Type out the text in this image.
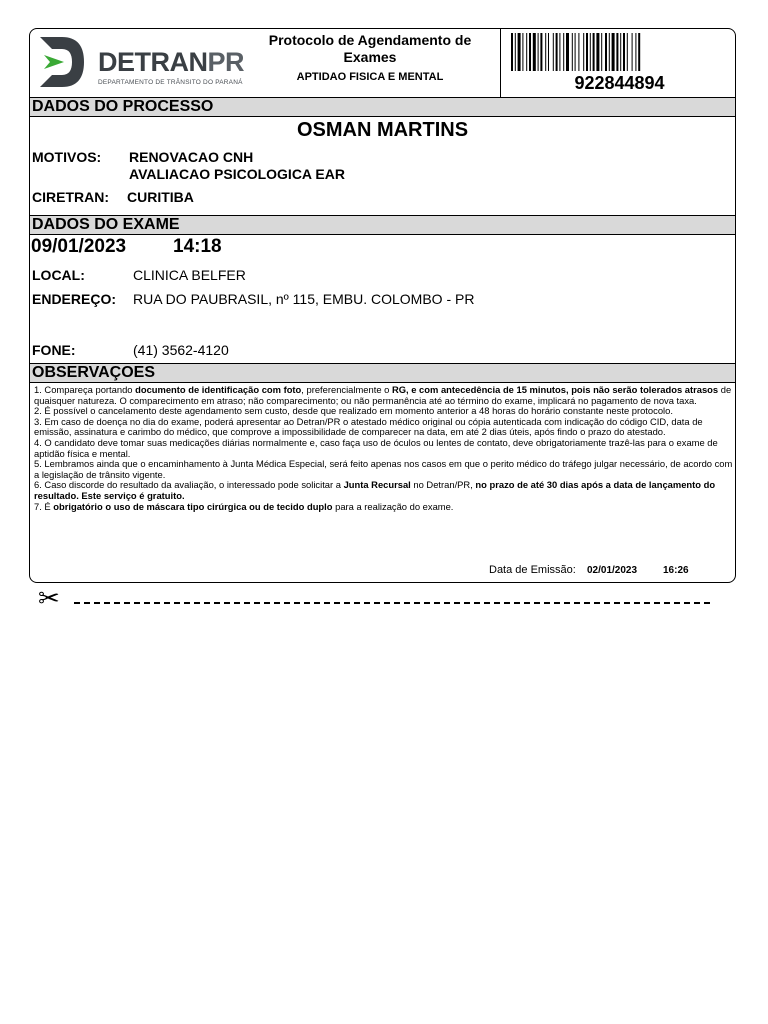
DETRANPR
DEPARTAMENTO DE TRÂNSITO DO PARANÁ
Protocolo de Agendamento de
Exames
APTIDAO FISICA E MENTAL	922844894
DADOS DO PROCESSO
OSMAN MARTINS
MOTIVOS: RENOVACAO CNH
AVALIACAO PSICOLOGICA EAR
CIRETRAN: CURITIBA
DADOS DO EXAME
09/01/2023 14:18
LOCAL:	CLINICA BELFER
ENDEREÇO: RUA DO PAUBRASIL, nº 115, EMBU. COLOMBO - PR
FONE:	(41) 3562-4120
OBSERVAÇOES

1. Compareça portando documento de identificação com foto, preferencialmente o RG, e com antecedência de 15 minutos, pois não serão tolerados atrasos de quaisquer natureza. O comparecimento em atraso; não comparecimento; ou não permanência até ao término do exame, implicará no pagamento de nova taxa.

2. É possível o cancelamento deste agendamento sem custo, desde que realizado em momento anterior a 48 horas do horário constante neste protocolo.

3. Em caso de doença no dia do exame, poderá apresentar ao Detran/PR o atestado médico original ou cópia autenticada com indicação do código CID, data de emissão, assinatura e carimbo do médico, que comprove a impossibilidade de comparecer na data, em até 2 dias úteis, após findo o prazo do atestado.

4. O candidato deve tomar suas medicações diárias normalmente e, caso faça uso de óculos ou lentes de contato, deve obrigatoriamente trazê-las para o exame de aptidão física e mental.

5. Lembramos ainda que o encaminhamento à Junta Médica Especial, será feito apenas nos casos em que o perito médico do tráfego julgar necessário, de acordo com a legislação de trânsito vigente.

6. Caso discorde do resultado da avaliação, o interessado pode solicitar a Junta Recursal no Detran/PR, no prazo de até 30 dias após a data de lançamento do resultado. Este serviço é gratuito.

7. É obrigatório o uso de máscara tipo cirúrgica ou de tecido duplo para a realização do exame.

Data de Emissão: 02/01/2023	16:26
✂
